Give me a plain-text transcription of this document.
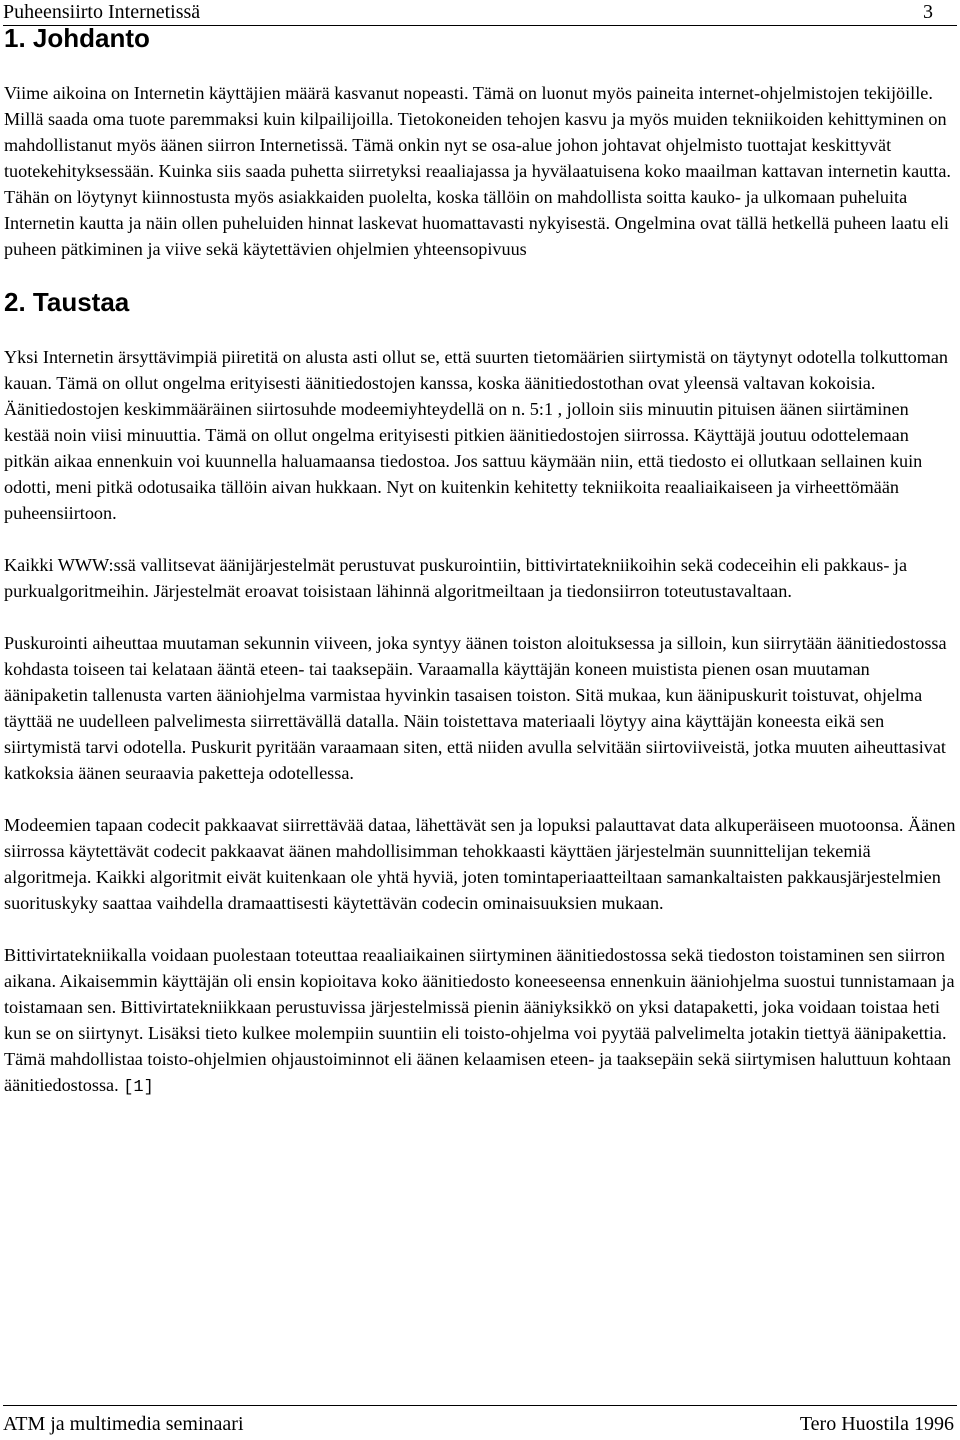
Puheensiirto Internetissä	3
1. Johdanto

Viime aikoina on Internetin käyttäjien määrä kasvanut nopeasti. Tämä on luonut myös paineita internet-ohjelmistojen tekijöille. Millä saada oma tuote paremmaksi kuin kilpailijoilla. Tietokoneiden tehojen kasvu ja myös muiden tekniikoiden kehittyminen on mahdollistanut myös äänen siirron Internetissä. Tämä onkin nyt se osa-alue johon johtavat ohjelmisto tuottajat keskittyvät tuotekehityksessään. Kuinka siis saada puhetta siirretyksi reaaliajassa ja hyvälaatuisena koko maailman kattavan internetin kautta. Tähän on löytynyt kiinnostusta myös asiakkaiden puolelta, koska tällöin on mahdollista soitta kauko- ja ulkomaan puheluita Internetin kautta ja näin ollen puheluiden hinnat laskevat huomattavasti nykyisestä. Ongelmina ovat tällä hetkellä puheen laatu eli puheen pätkiminen ja viive sekä käytettävien ohjelmien yhteensopivuus

2. Taustaa

Yksi Internetin ärsyttävimpiä piiretitä on alusta asti ollut se, että suurten tietomäärien siirtymistä on täytynyt odotella tolkuttoman kauan. Tämä on ollut ongelma erityisesti äänitiedostojen kanssa, koska äänitiedostothan ovat yleensä valtavan kokoisia. Äänitiedostojen keskimmääräinen siirtosuhde modeemiyhteydellä on n. 5:1 , jolloin siis minuutin pituisen äänen siirtäminen kestää noin viisi minuuttia. Tämä on ollut ongelma erityisesti pitkien äänitiedostojen siirrossa. Käyttäjä joutuu odottelemaan pitkän aikaa ennenkuin voi kuunnella haluamaansa tiedostoa. Jos sattuu käymään niin, että tiedosto ei ollutkaan sellainen kuin odotti, meni pitkä odotusaika tällöin aivan hukkaan. Nyt on kuitenkin kehitetty tekniikoita reaaliaikaiseen ja virheettömään puheensiirtoon.

Kaikki WWW:ssä vallitsevat äänijärjestelmät perustuvat puskurointiin, bittivirtatekniikoihin sekä codeceihin eli pakkaus- ja purkualgoritmeihin. Järjestelmät eroavat toisistaan lähinnä algoritmeiltaan ja tiedonsiirron toteutustavaltaan.

Puskurointi aiheuttaa muutaman sekunnin viiveen, joka syntyy äänen toiston aloituksessa ja silloin, kun siirrytään äänitiedostossa kohdasta toiseen tai kelataan ääntä eteen- tai taaksepäin. Varaamalla käyttäjän koneen muistista pienen osan muutaman äänipaketin tallenusta varten ääniohjelma varmistaa hyvinkin tasaisen toiston. Sitä mukaa, kun äänipuskurit toistuvat, ohjelma täyttää ne uudelleen palvelimesta siirrettävällä datalla. Näin toistettava materiaali löytyy aina käyttäjän koneesta eikä sen siirtymistä tarvi odotella. Puskurit pyritään varaamaan siten, että niiden avulla selvitään siirtoviiveistä, jotka muuten aiheuttasivat katkoksia äänen seuraavia paketteja odotellessa.

Modeemien tapaan codecit pakkaavat siirrettävää dataa, lähettävät sen ja lopuksi palauttavat data alkuperäiseen muotoonsa. Äänen siirrossa käytettävät codecit pakkaavat äänen mahdollisimman tehokkaasti käyttäen järjestelmän suunnittelijan tekemiä algoritmeja. Kaikki algoritmit eivät kuitenkaan ole yhtä hyviä, joten tomintaperiaatteiltaan samankaltaisten pakkausjärjestelmien suorituskyky saattaa vaihdella dramaattisesti käytettävän codecin ominaisuuksien mukaan.

Bittivirtatekniikalla voidaan puolestaan toteuttaa reaaliaikainen siirtyminen äänitiedostossa sekä tiedoston toistaminen sen siirron aikana. Aikaisemmin käyttäjän oli ensin kopioitava koko äänitiedosto koneeseensa ennenkuin ääniohjelma suostui tunnistamaan ja toistamaan sen. Bittivirtatekniikkaan perustuvissa järjestelmissä pienin ääniyksikkö on yksi datapaketti, joka voidaan toistaa heti kun se on siirtynyt. Lisäksi tieto kulkee molempiin suuntiin eli toisto-ohjelma voi pyytää palvelimelta jotakin tiettyä äänipakettia. Tämä mahdollistaa toisto-ohjelmien ohjaustoiminnot eli äänen kelaamisen eteen- ja taaksepäin sekä siirtymisen haluttuun kohtaan äänitiedostossa. [1]

ATM ja multimedia seminaari	Tero Huostila 1996
